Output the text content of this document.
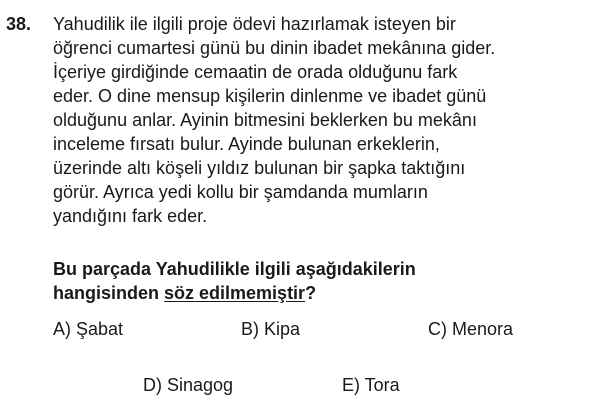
38. Yahudilik ile ilgili proje ödevi hazırlamak isteyen bir
öğrenci cumartesi günü bu dinin ibadet mekânına gider.
İçeriye girdiğinde cemaatin de orada olduğunu fark
eder. O dine mensup kişilerin dinlenme ve ibadet günü
olduğunu anlar. Ayinin bitmesini beklerken bu mekânı
inceleme fırsatı bulur. Ayinde bulunan erkeklerin,
üzerinde altı köşeli yıldız bulunan bir şapka taktığını
görür. Ayrıca yedi kollu bir şamdanda mumların
yandığını fark eder.
Bu parçada Yahudilikle ilgili aşağıdakilerin
hangisinden söz edilmemiştir?
A) Şabat	B) Kipa	C) Menora
D) Sinagog	E) Tora
